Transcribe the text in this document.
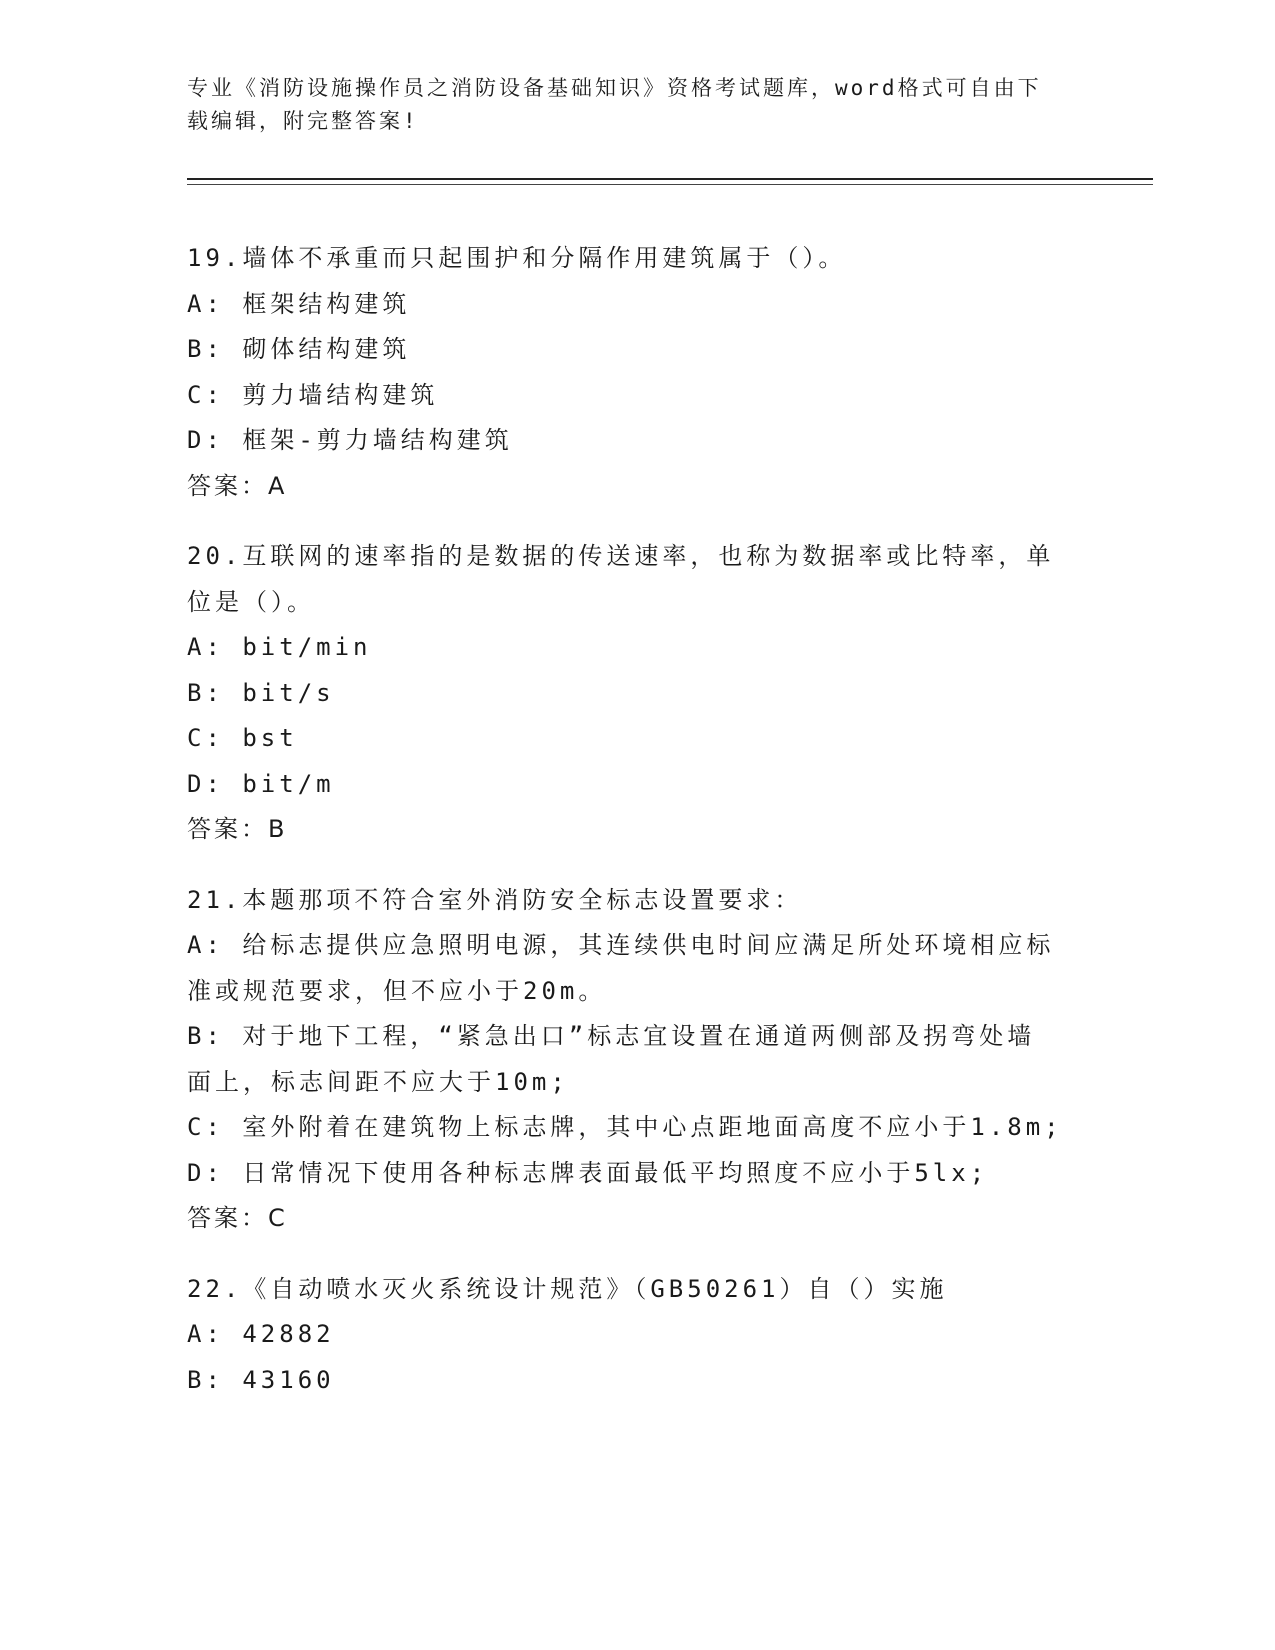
专业《消防设施操作员之消防设备基础知识》资格考试题库，word格式可自由下
载编辑，附完整答案!
19.墙体不承重而只起围护和分隔作用建筑属于（）。
A: 框架结构建筑
B: 砌体结构建筑
C: 剪力墙结构建筑
D: 框架-剪力墙结构建筑
答案：A
20.互联网的速率指的是数据的传送速率，也称为数据率或比特率，单
位是（）。
A: bit/min
B: bit/s
C: bst
D: bit/m
答案：B
21.本题那项不符合室外消防安全标志设置要求：
A: 给标志提供应急照明电源，其连续供电时间应满足所处环境相应标
准或规范要求，但不应小于20m。
B: 对于地下工程，“紧急出口”标志宜设置在通道两侧部及拐弯处墙
面上，标志间距不应大于10m;
C: 室外附着在建筑物上标志牌，其中心点距地面高度不应小于1.8m;
D: 日常情况下使用各种标志牌表面最低平均照度不应小于5lx;
答案：C
22.《自动喷水灭火系统设计规范》（GB50261）自（）实施
A: 42882
B: 43160
